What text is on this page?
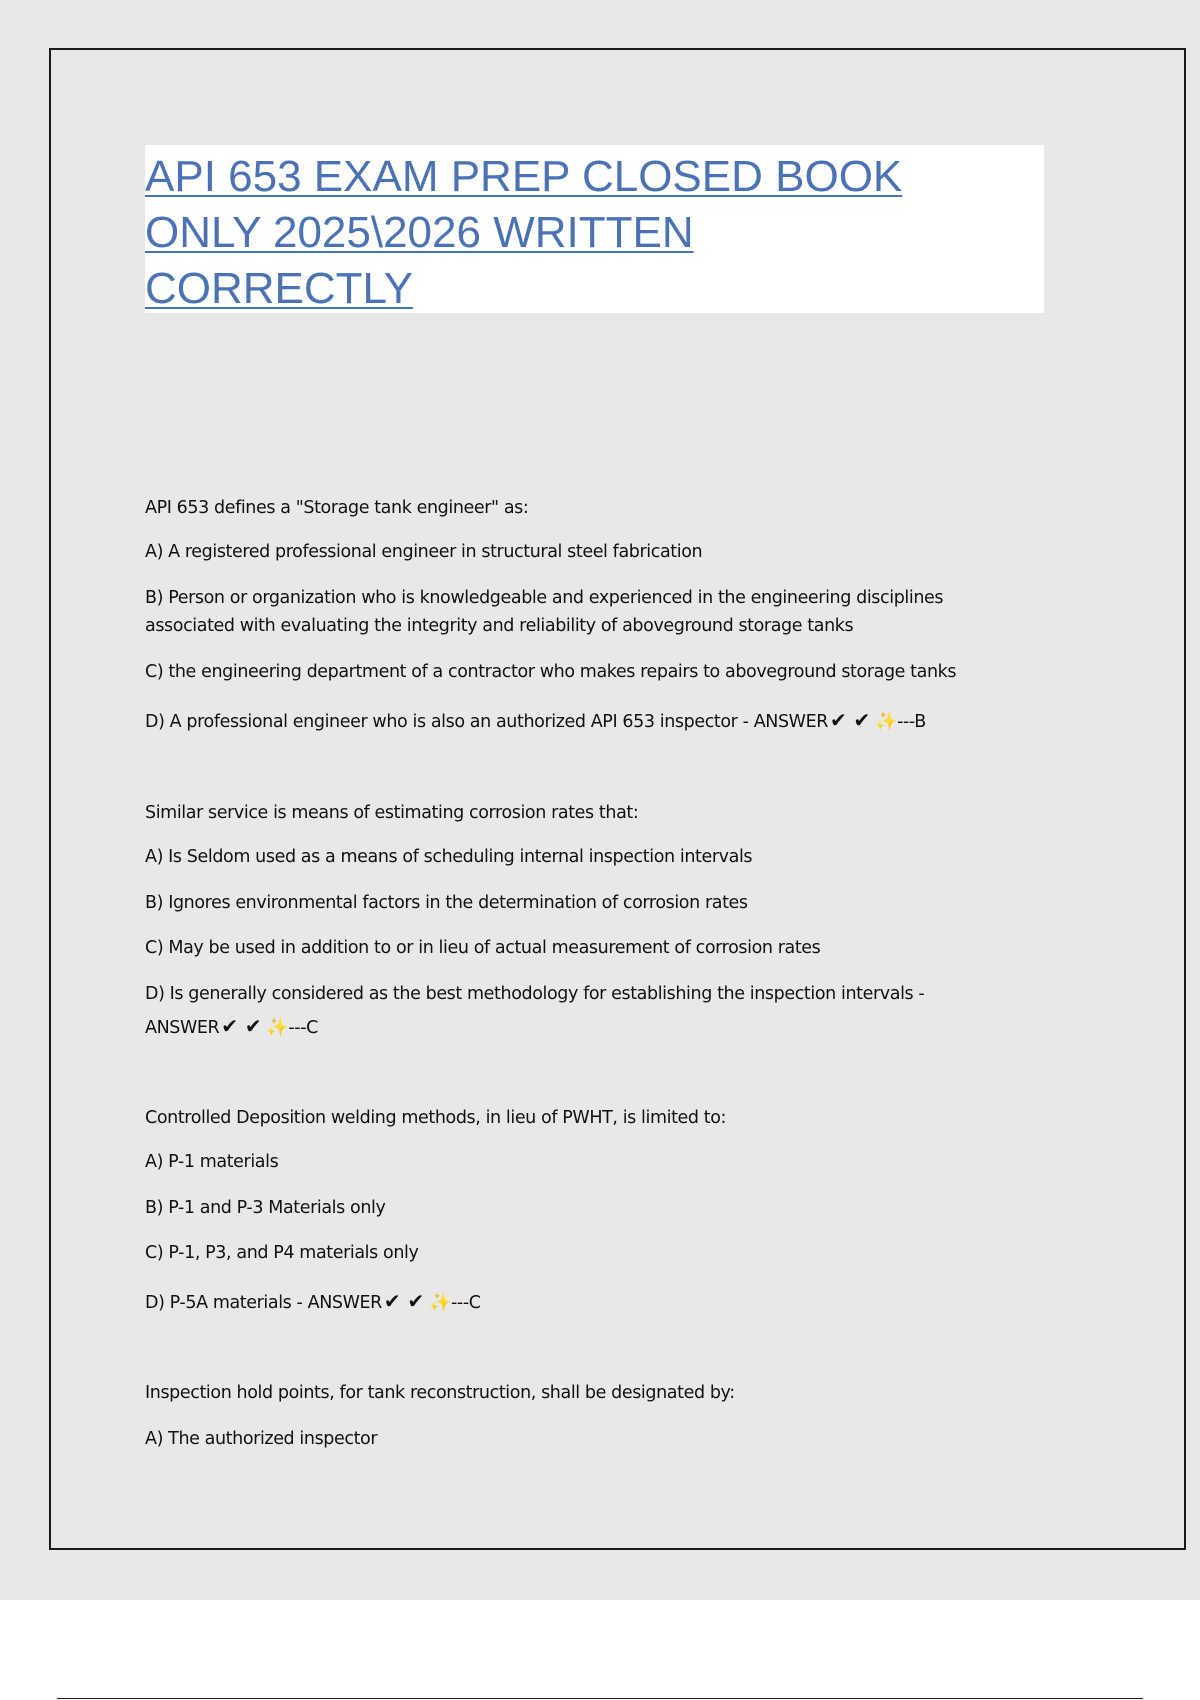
API 653 EXAM PREP CLOSED BOOK
ONLY 2025\2026 WRITTEN
CORRECTLY

API 653 defines a "Storage tank engineer" as:

A) A registered professional engineer in structural steel fabrication

B) Person or organization who is knowledgeable and experienced in the engineering disciplines

associated with evaluating the integrity and reliability of aboveground storage tanks

C) the engineering department of a contractor who makes repairs to aboveground storage tanks

D) A professional engineer who is also an authorized API 653 inspector - ANSWER ✔ ✔ ✨---B

Similar service is means of estimating corrosion rates that:

A) Is Seldom used as a means of scheduling internal inspection intervals

B) Ignores environmental factors in the determination of corrosion rates

C) May be used in addition to or in lieu of actual measurement of corrosion rates

D) Is generally considered as the best methodology for establishing the inspection intervals -

ANSWER ✔ ✔ ✨---C

Controlled Deposition welding methods, in lieu of PWHT, is limited to:

A) P-1 materials

B) P-1 and P-3 Materials only

C) P-1, P3, and P4 materials only

D) P-5A materials - ANSWER ✔ ✔ ✨---C

Inspection hold points, for tank reconstruction, shall be designated by:

A) The authorized inspector
